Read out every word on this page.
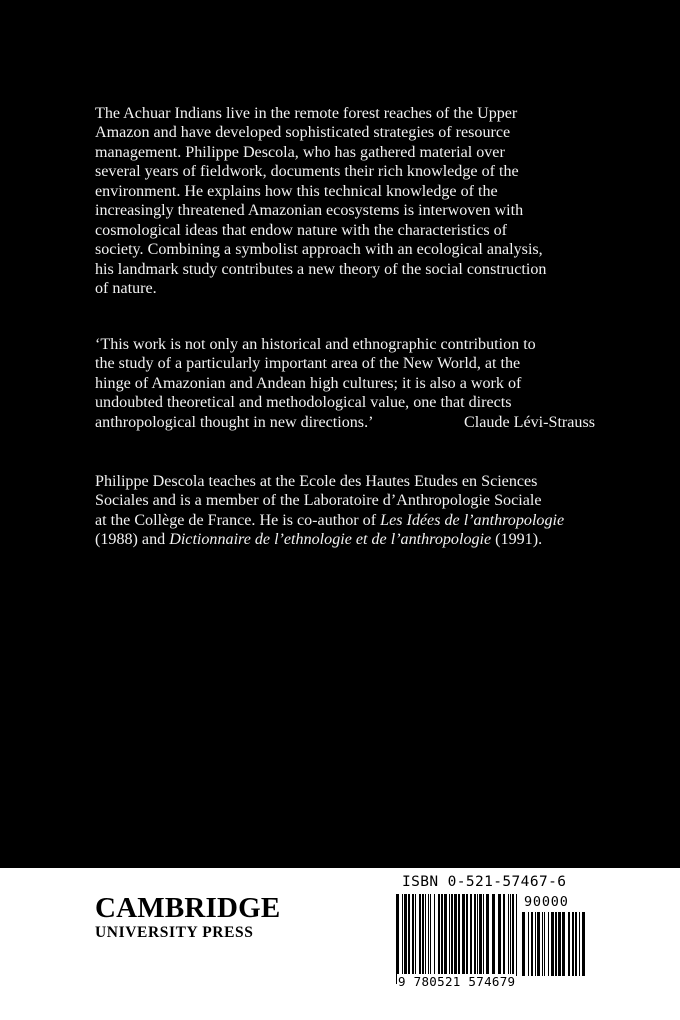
The Achuar Indians live in the remote forest reaches of the Upper
Amazon and have developed sophisticated strategies of resource
management. Philippe Descola, who has gathered material over
several years of fieldwork, documents their rich knowledge of the
environment. He explains how this technical knowledge of the
increasingly threatened Amazonian ecosystems is interwoven with
cosmological ideas that endow nature with the characteristics of
society. Combining a symbolist approach with an ecological analysis,
his landmark study contributes a new theory of the social construction
of nature.
‘This work is not only an historical and ethnographic contribution to
the study of a particularly important area of the New World, at the
hinge of Amazonian and Andean high cultures; it is also a work of
undoubted theoretical and methodological value, one that directs
anthropological thought in new directions.’	Claude Lévi-Strauss
Philippe Descola teaches at the Ecole des Hautes Etudes en Sciences
Sociales and is a member of the Laboratoire d’Anthropologie Sociale
at the Collège de France. He is co-author of Les Idées de l’anthropologie
(1988) and Dictionnaire de l’ethnologie et de l’anthropologie (1991).
CAMBRIDGE
UNIVERSITY PRESS
ISBN 0-521-57467-6
90000
9 780521 574679
